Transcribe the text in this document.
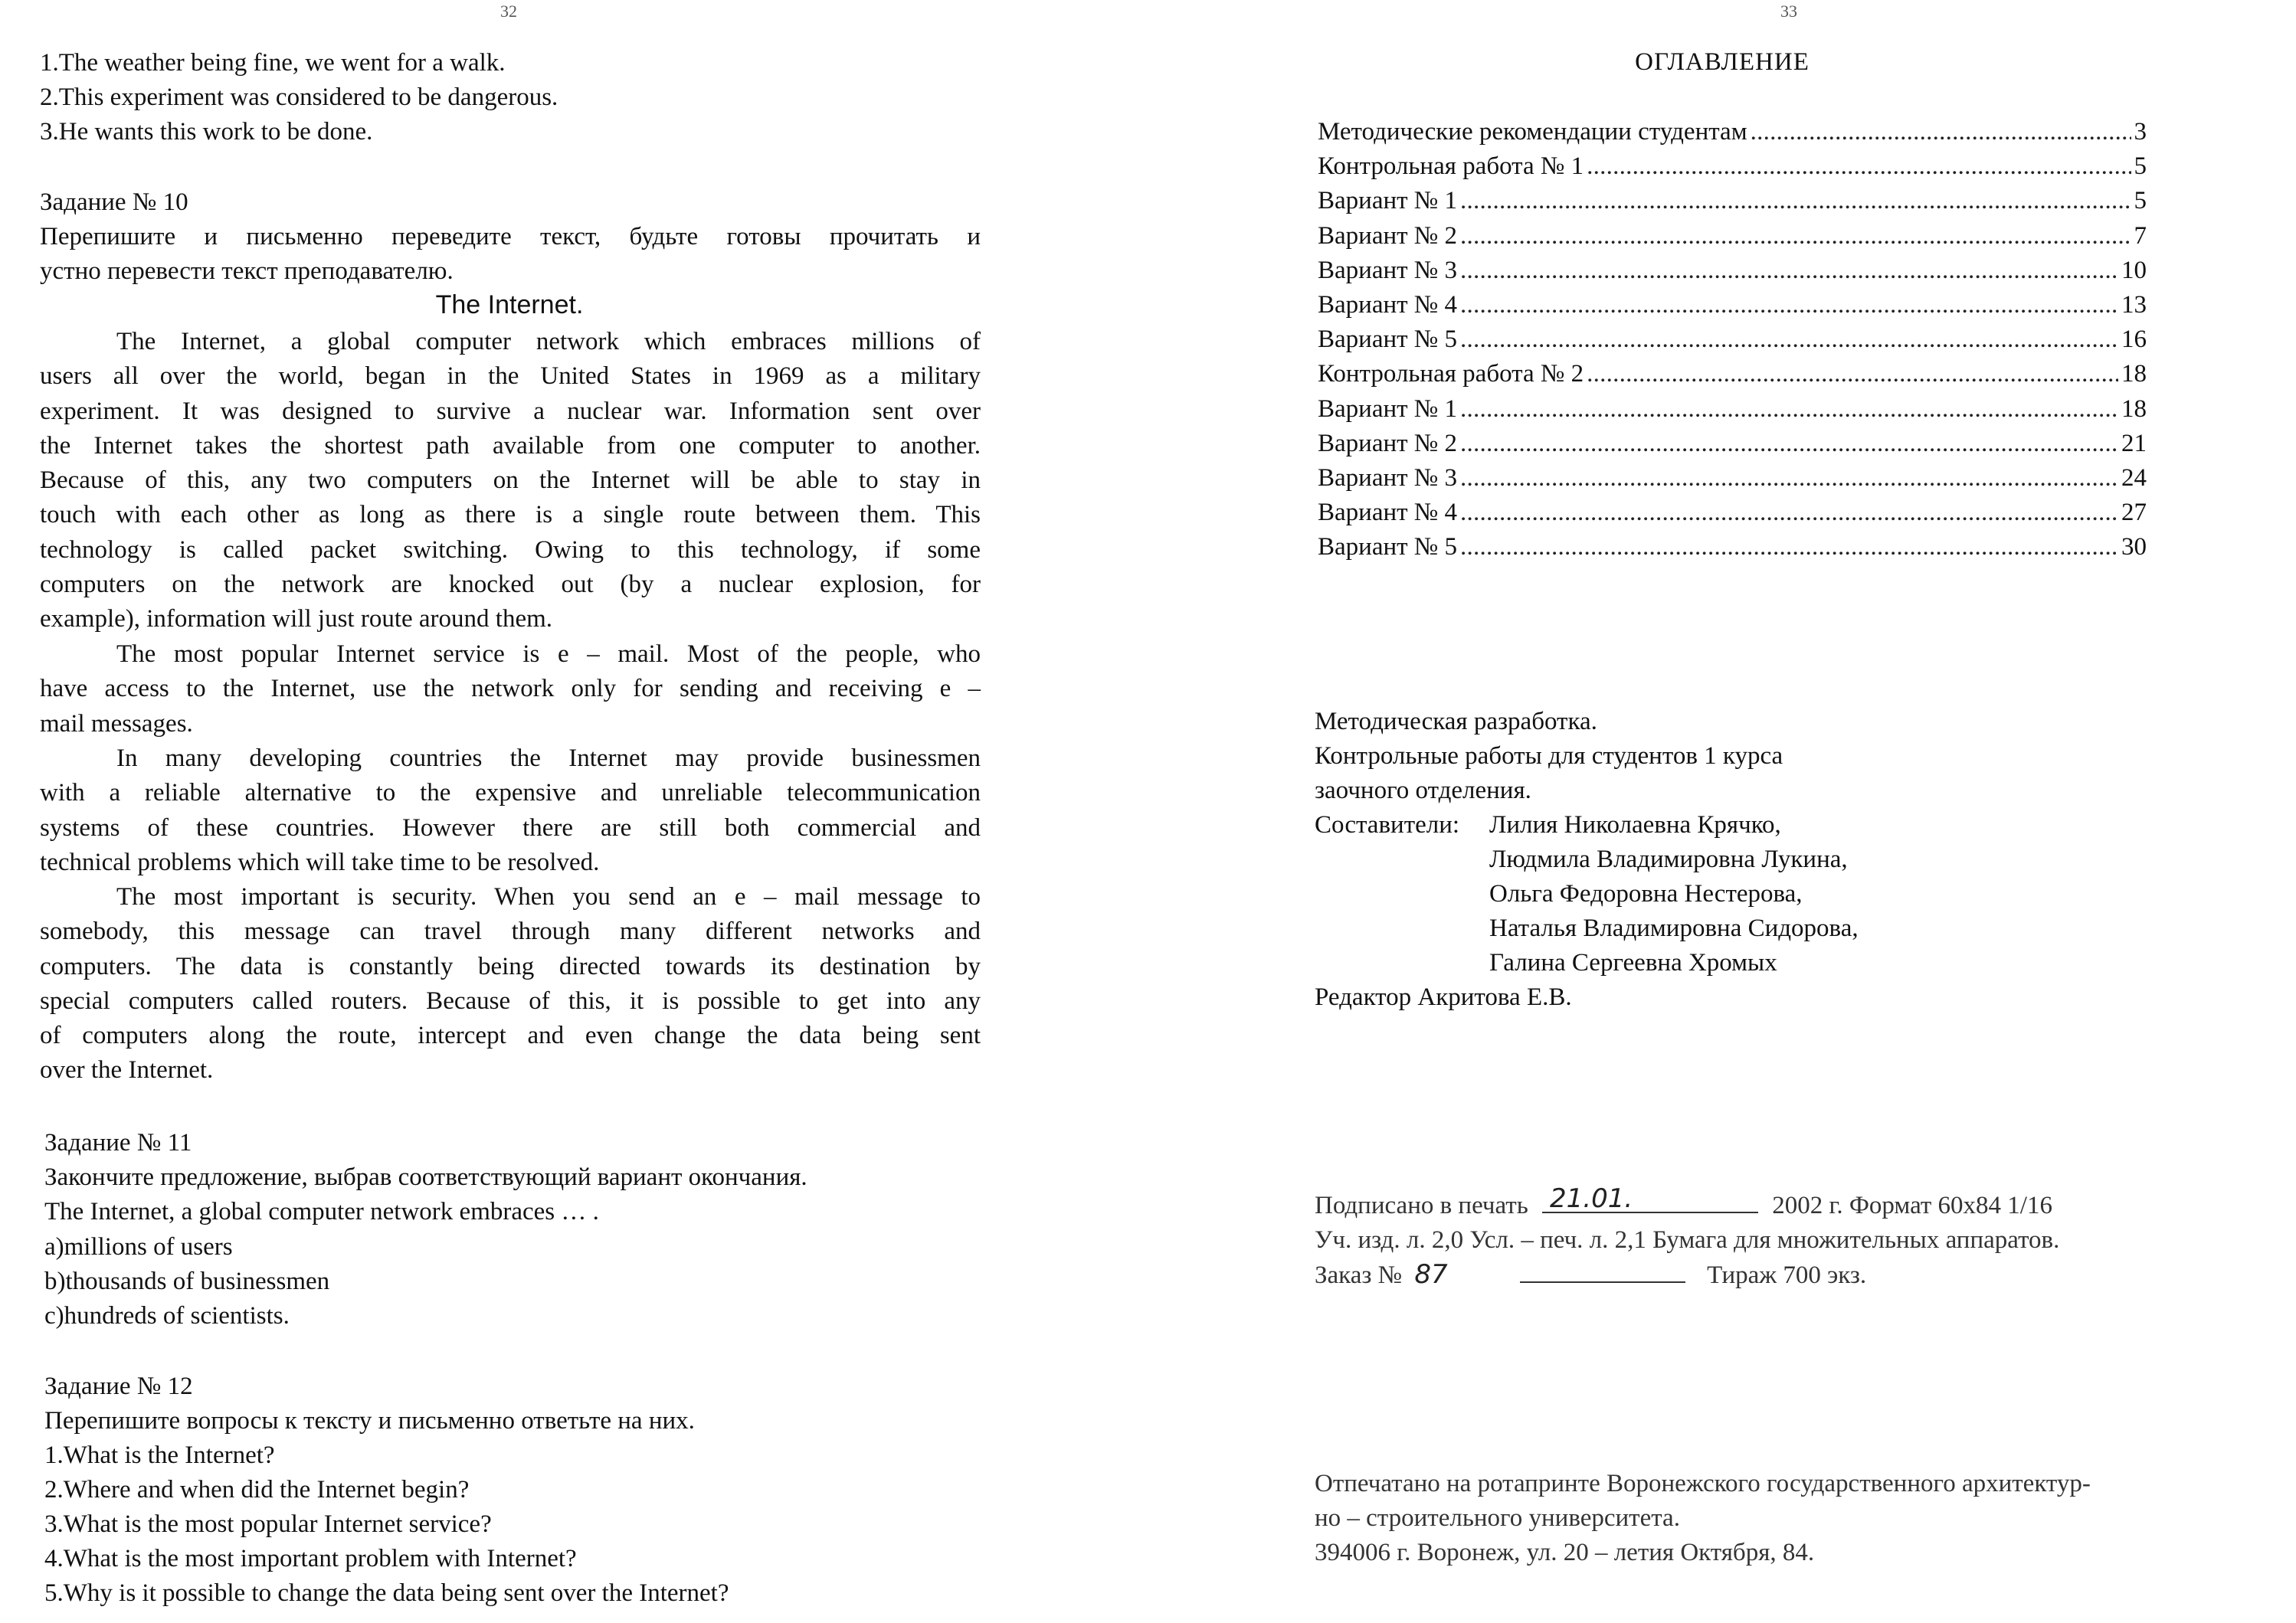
32
1.The weather being fine, we went for a walk.
2.This experiment was considered to be dangerous.
3.He wants this work to be done.
Задание № 10
Перепишите и письменно переведите текст, будьте готовы прочитать и
устно перевести текст преподавателю.
The Internet.
The Internet, a global computer network which embraces millions of
users all over the world, began in the United States in 1969 as a military
experiment. It was designed to survive a nuclear war. Information sent over
the Internet takes the shortest path available from one computer to another.
Because of this, any two computers on the Internet will be able to stay in
touch with each other as long as there is a single route between them. This
technology is called packet switching. Owing to this technology, if some
computers on the network are knocked out (by a nuclear explosion, for
example), information will just route around them.
The most popular Internet service is e – mail. Most of the people, who
have access to the Internet, use the network only for sending and receiving e –
mail messages.
In many developing countries the Internet may provide businessmen
with a reliable alternative to the expensive and unreliable telecommunication
systems of these countries. However there are still both commercial and
technical problems which will take time to be resolved.
The most important is security. When you send an e – mail message to
somebody, this message can travel through many different networks and
computers. The data is constantly being directed towards its destination by
special computers called routers. Because of this, it is possible to get into any
of computers along the route, intercept and even change the data being sent
over the Internet.
Задание № 11
Закончите предложение, выбрав соответствующий вариант окончания.
The Internet, a global computer network embraces … .
a)millions of users
b)thousands of businessmen
c)hundreds of scientists.
Задание № 12
Перепишите вопросы к тексту и письменно ответьте на них.
1.What is the Internet?
2.Where and when did the Internet begin?
3.What is the most popular Internet service?
4.What is the most important problem with Internet?
5.Why is it possible to change the data being sent over the Internet?
33
ОГЛАВЛЕНИЕ
Методические рекомендации студентам . . .	3
Контрольная работа № 1 . . .	5
Вариант № 1 . . .	5
Вариант № 2 . . .	7
Вариант № 3 . . .	10
Вариант № 4 . . .	13
Вариант № 5 . . .	16
Контрольная работа № 2 . . .	18
Вариант № 1 . . .	18
Вариант № 2 . . .	21
Вариант № 3 . . .	24
Вариант № 4 . . .	27
Вариант № 5 . . .	30
Методическая разработка.
Контрольные работы для студентов 1 курса
заочного отделения.
Составители: Лилия Николаевна Крячко,
Людмила Владимировна Лукина,
Ольга Федоровна Нестерова,
Наталья Владимировна Сидорова,
Галина Сергеевна Хромых
Редактор Акритова Е.В.
Подписано в печать 21.01.	2002 г. Формат 60x84 1/16
Уч. изд. л. 2,0 Усл. – печ. л. 2,1 Бумага для множительных аппаратов.
Заказ № 87	Тираж 700 экз.
Отпечатано на ротапринте Воронежского государственного архитектур-
но – строительного университета.
394006 г. Воронеж, ул. 20 – летия Октября, 84.
